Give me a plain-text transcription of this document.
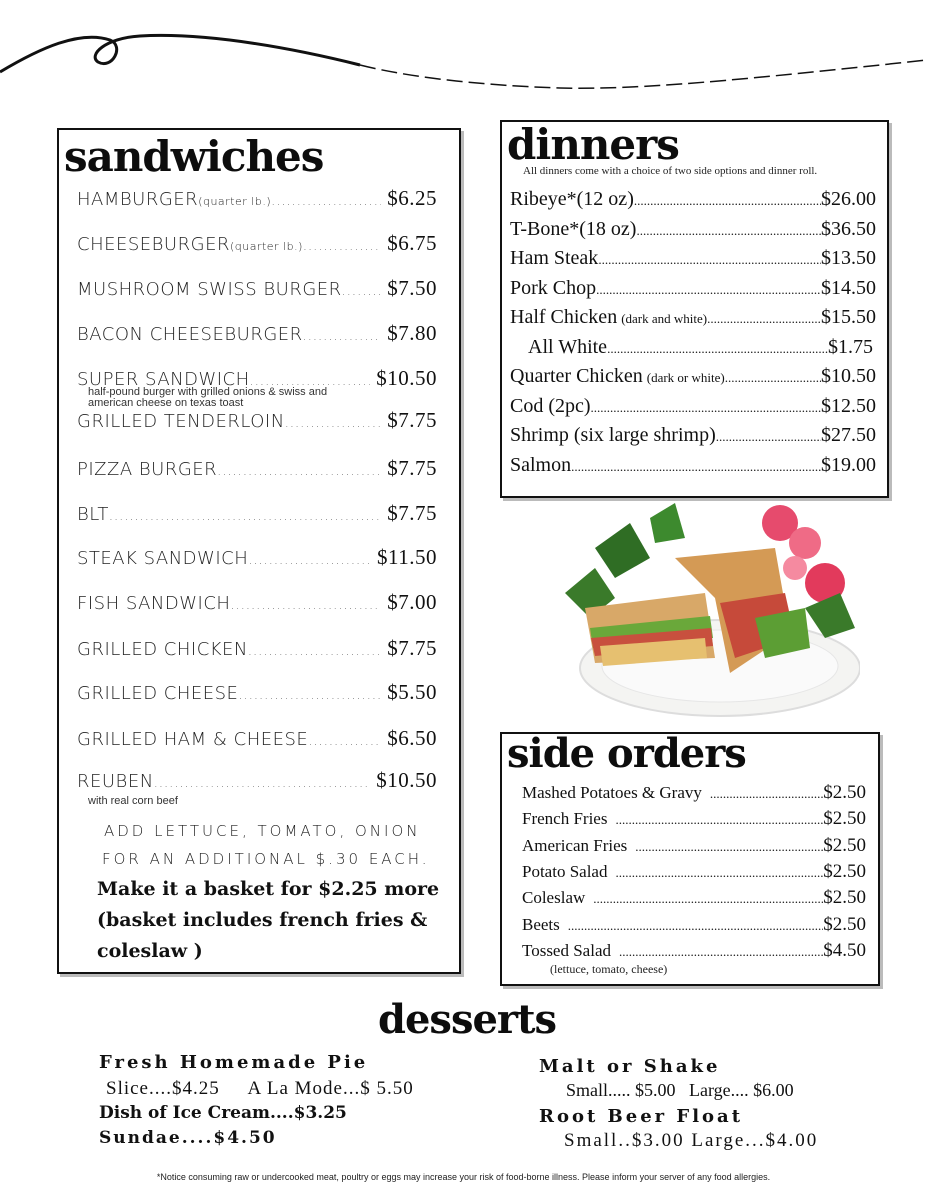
sandwiches
HAMBURGER (quarter lb.) .....	$6.25
CHEESEBURGER (quarter lb.) .....	$6.75
MUSHROOM SWISS BURGER ..... $7.50
BACON CHEESEBURGER .....	$7.80
SUPER SANDWICH .....	$10.50
GRILLED TENDERLOIN .....	$7.75
PIZZA BURGER .....	$7.75
BLT .....	$7.75
STEAK SANDWICH .....	$11.50
FISH SANDWICH .....	$7.00
GRILLED CHICKEN .....	$7.75
GRILLED CHEESE .....	$5.50
GRILLED HAM & CHEESE .....	$6.50
REUBEN .....	$10.50
half-pound burger with grilled onions & swiss and american cheese on texas toast
with real corn beef
ADD LETTUCE, TOMATO, ONION
FOR AN ADDITIONAL $.30 EACH.
Make it a basket for $2.25 more (basket includes french fries & coleslaw )
dinners
All dinners come with a choice of two side options and dinner roll.
Ribeye*(12 oz) .....	$26.00
T-Bone*(18 oz) .....	$36.50
Ham Steak .....	$13.50
Pork Chop .....	$14.50
Half Chicken (dark and white) .....	$15.50
All White .....	$1.75
Quarter Chicken (dark or white) .....	$10.50
Cod (2pc) .....	$12.50
Shrimp (six large shrimp) .....	$27.50
Salmon .....	$19.00
side orders
Mashed Potatoes & Gravy .....	$2.50
French Fries .....	$2.50
American Fries .....	$2.50
Potato Salad .....	$2.50
Coleslaw .....	$2.50
Beets .....	$2.50
Tossed Salad .....	$4.50
(lettuce, tomato, cheese)
desserts
Fresh Homemade Pie
Slice....$4.25     A La Mode...$ 5.50
Dish of Ice Cream....$3.25
Sundae....$4.50
Malt or Shake
Small..... $5.00   Large.... $6.00
Root Beer Float
Small..$3.00 Large...$4.00
*Notice consuming raw or undercooked meat, poultry or eggs may increase your risk of food-borne illness. Please inform your server of any food allergies.
